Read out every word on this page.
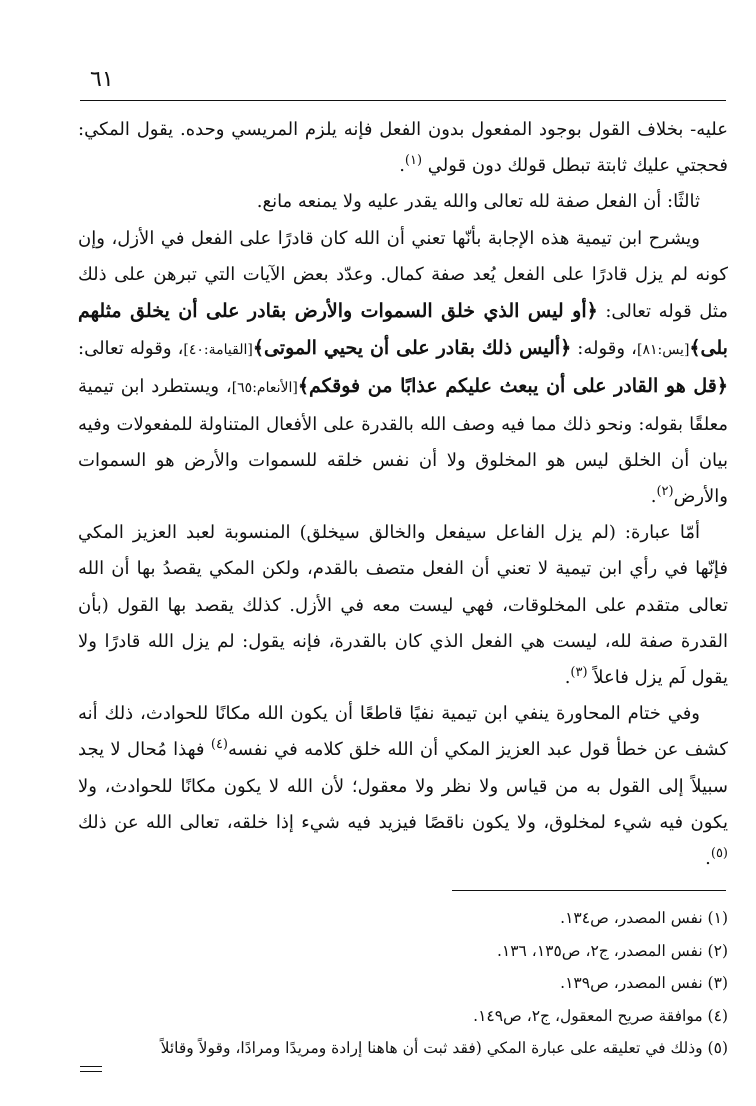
٦١

عليه- بخلاف القول بوجود المفعول بدون الفعل فإنه يلزم المريسي وحده. يقول المكي: فحجتي عليك ثابتة تبطل قولك دون قولي $^{(١)}$.

ثالثًا: أن الفعل صفة لله تعالى والله يقدر عليه ولا يمنعه مانع.

ويشرح ابن تيمية هذه الإجابة بأنّها تعني أن الله كان قادرًا على الفعل في الأزل، وإن كونه لم يزل قادرًا على الفعل يُعد صفة كمال. وعدّد بعض الآيات التي تبرهن على ذلك مثل قوله تعالى: ﴿أو ليس الذي خلق السموات والأرض بقادر على أن يخلق مثلهم بلى﴾[يس:٨١]، وقوله: ﴿أليس ذلك بقادر على أن يحيي الموتى﴾[القيامة:٤٠]، وقوله تعالى: ﴿قل هو القادر على أن يبعث عليكم عذابًا من فوقكم﴾[الأنعام:٦٥]، ويستطرد ابن تيمية معلقًا بقوله: ونحو ذلك مما فيه وصف الله بالقدرة على الأفعال المتناولة للمفعولات وفيه بيان أن الخلق ليس هو المخلوق ولا أن نفس خلقه للسموات والأرض هو السموات والأرض$^{(٢)}$.

أمّا عبارة: (لم يزل الفاعل سيفعل والخالق سيخلق) المنسوبة لعبد العزيز المكي فإنّها في رأي ابن تيمية لا تعني أن الفعل متصف بالقدم، ولكن المكي يقصدُ بها أن الله تعالى متقدم على المخلوقات، فهي ليست معه في الأزل. كذلك يقصد بها القول (بأن القدرة صفة لله، ليست هي الفعل الذي كان بالقدرة، فإنه يقول: لم يزل الله قادرًا ولا يقول لَم يزل فاعلاً $^{(٣)}$.

وفي ختام المحاورة ينفي ابن تيمية نفيًا قاطعًا أن يكون الله مكانًا للحوادث، ذلك أنه كشف عن خطأ قول عبد العزيز المكي أن الله خلق كلامه في نفسه$^{(٤)}$ فهذا مُحال لا يجد سبيلاً إلى القول به من قياس ولا نظر ولا معقول؛ لأن الله لا يكون مكانًا للحوادث، ولا يكون فيه شيء لمخلوق، ولا يكون ناقصًا فيزيد فيه شيء إذا خلقه، تعالى الله عن ذلك $^{(٥)}$.

(١) نفس المصدر، ص١٣٤.
(٢) نفس المصدر، ج٢، ص١٣٥، ١٣٦.
(٣) نفس المصدر، ص١٣٩.
(٤) موافقة صريح المعقول، ج٢، ص١٤٩.
(٥) وذلك في تعليقه على عبارة المكي (فقد ثبت أن هاهنا إرادة ومريدًا ومرادًا، وقولاً وقائلاً
